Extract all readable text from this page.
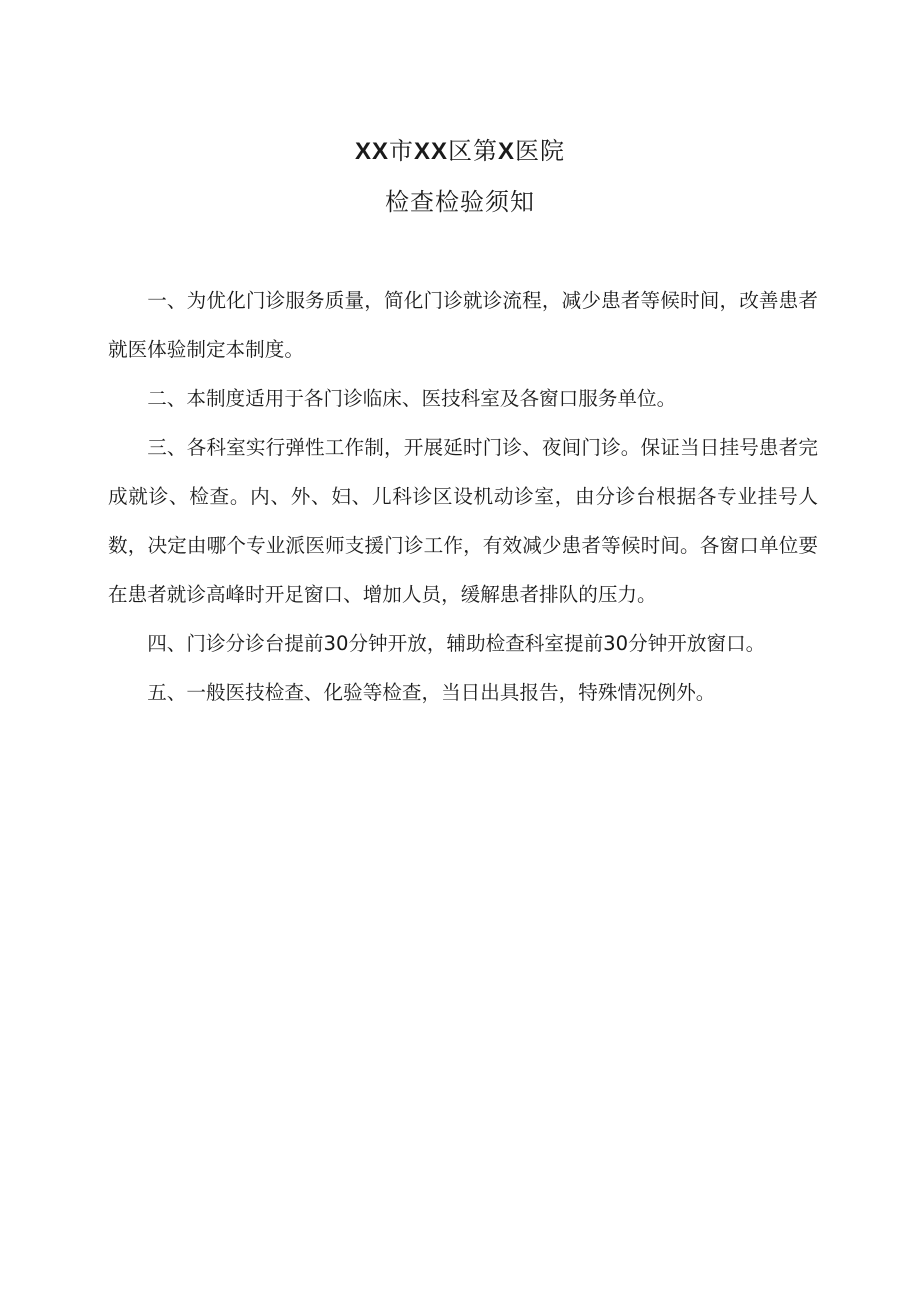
XX市XX区第X医院
检查检验须知

一、为优化门诊服务质量，简化门诊就诊流程，减少患者等候时间，改善患者就医体验制定本制度。

二、本制度适用于各门诊临床、医技科室及各窗口服务单位。

三、各科室实行弹性工作制，开展延时门诊、夜间门诊。保证当日挂号患者完成就诊、检查。内、外、妇、儿科诊区设机动诊室，由分诊台根据各专业挂号人数，决定由哪个专业派医师支援门诊工作，有效减少患者等候时间。各窗口单位要在患者就诊高峰时开足窗口、增加人员，缓解患者排队的压力。

四、门诊分诊台提前30分钟开放，辅助检查科室提前30分钟开放窗口。

五、一般医技检查、化验等检查，当日出具报告，特殊情况例外。
